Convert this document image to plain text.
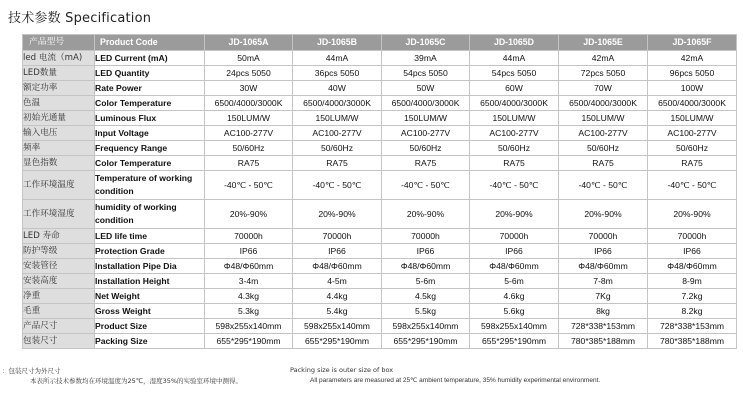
技术参数 Specification
产品型号	Product Code	JD-1065A	JD-1065B	JD-1065C	JD-1065D	JD-1065E	JD-1065F
led 电流（mA)	LED Current (mA)	50mA	44mA	39mA	44mA	42mA	42mA
LED数量	LED Quantity	24pcs 5050	36pcs 5050	54pcs 5050	54pcs 5050	72pcs 5050	96pcs 5050
额定功率	Rate Power	30W	40W	50W	60W	70W	100W
色温	Color Temperature	6500/4000/3000K	6500/4000/3000K	6500/4000/3000K	6500/4000/3000K	6500/4000/3000K	6500/4000/3000K
初始光通量	Luminous Flux	150LUM/W	150LUM/W	150LUM/W	150LUM/W	150LUM/W	150LUM/W
输入电压	Input Voltage	AC100-277V	AC100-277V	AC100-277V	AC100-277V	AC100-277V	AC100-277V
频率	Frequency Range	50/60Hz	50/60Hz	50/60Hz	50/60Hz	50/60Hz	50/60Hz
显色指数	Color Temperature	RA75	RA75	RA75	RA75	RA75	RA75
工作环境温度	Temperature of working condition	-40℃ - 50℃	-40℃ - 50℃	-40℃ - 50℃	-40℃ - 50℃	-40℃ - 50℃	-40℃ - 50℃
工作环境湿度	humidity of working condition	20%-90%	20%-90%	20%-90%	20%-90%	20%-90%	20%-90%
LED 寿命	LED life time	70000h	70000h	70000h	70000h	70000h	70000h
防护等级	Protection Grade	IP66	IP66	IP66	IP66	IP66	IP66
安装管径	Installation Pipe Dia	Φ48/Φ60mm	Φ48/Φ60mm	Φ48/Φ60mm	Φ48/Φ60mm	Φ48/Φ60mm	Φ48/Φ60mm
安装高度	Installation Height	3-4m	4-5m	5-6m	5-6m	7-8m	8-9m
净重	Net Weight	4.3kg	4.4kg	4.5kg	4.6kg	7Kg	7.2kg
毛重	Gross Weight	5.3kg	5.4kg	5.5kg	5.6kg	8kg	8.2kg
产品尺寸	Product Size	598x255x140mm	598x255x140mm	598x255x140mm	598x255x140mm	728*338*153mm	728*338*153mm
包装尺寸	Packing Size	655*295*190mm	655*295*190mm	655*295*190mm	655*295*190mm	780*385*188mm	780*385*188mm
：包装尺寸为外尺寸	Packing size is outer size of box
本表所示技术参数均在环境温度为25℃，湿度35%的实验室环境中测得。	All parameters are measured at 25℃ ambient temperature, 35% humidity experimental environment.
